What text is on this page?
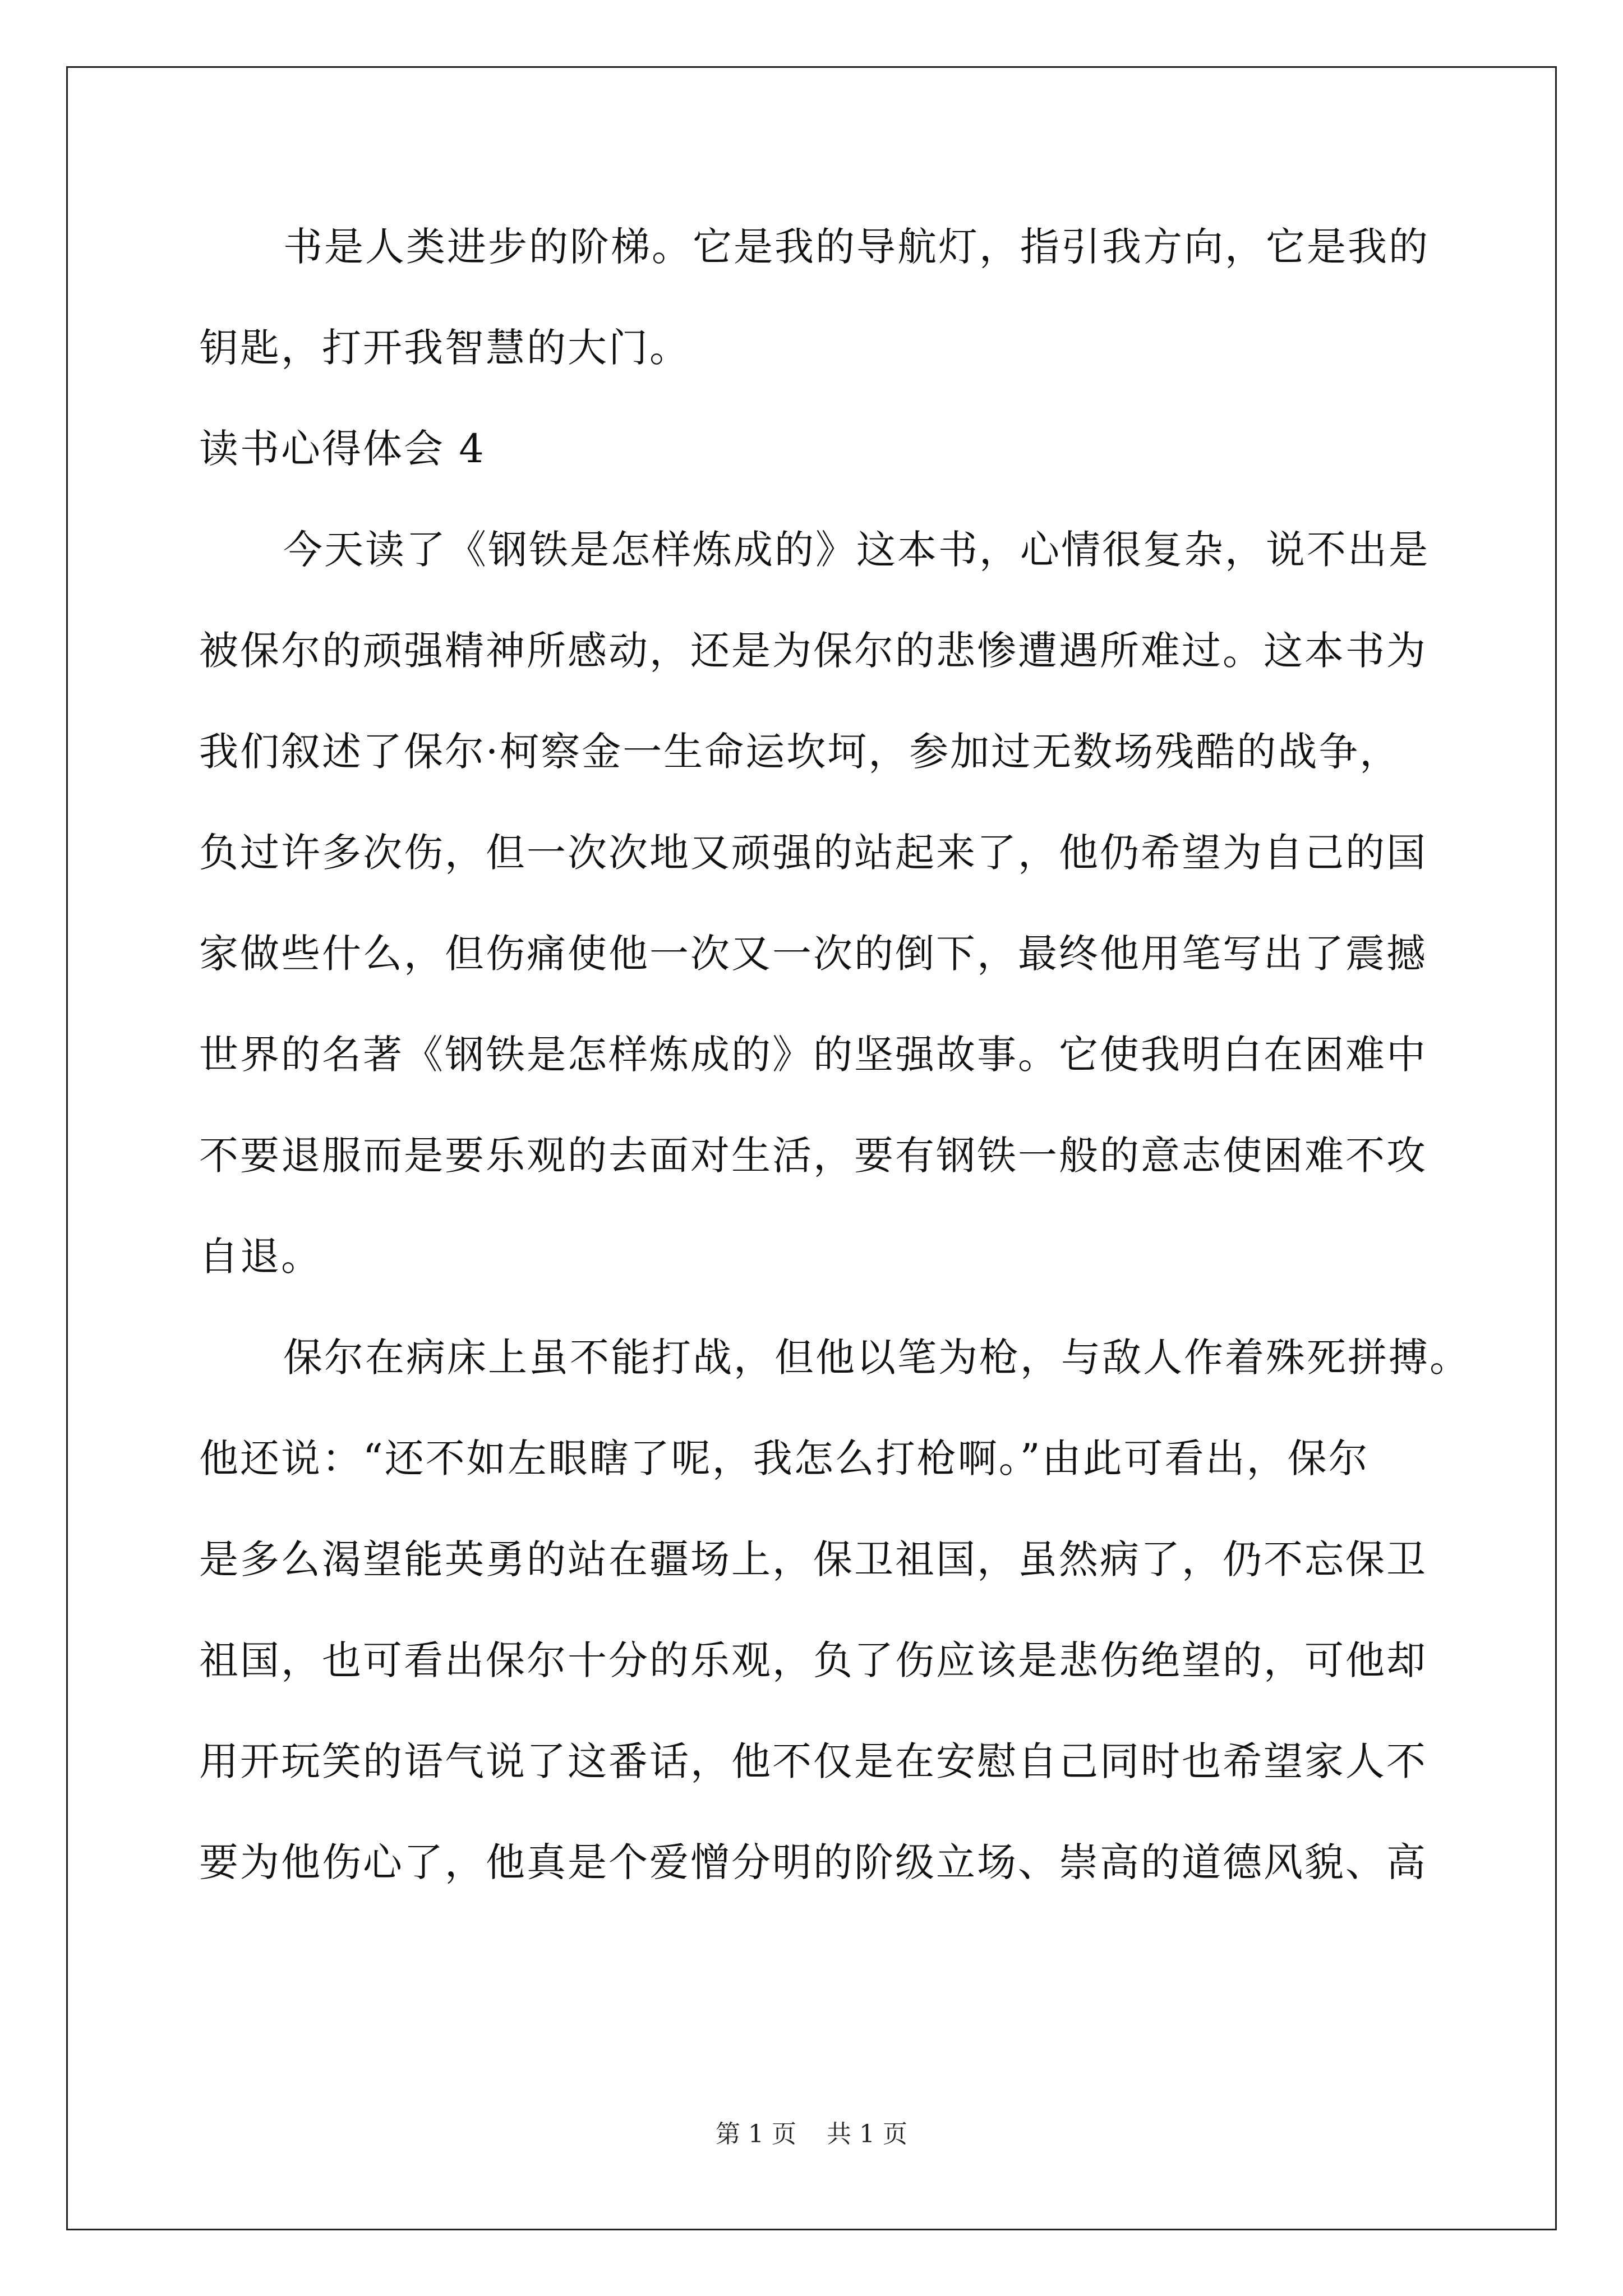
书是人类进步的阶梯。它是我的导航灯，指引我方向，它是我的
钥匙，打开我智慧的大门。
读书心得体会 4
今天读了《钢铁是怎样炼成的》这本书，心情很复杂，说不出是
被保尔的顽强精神所感动，还是为保尔的悲惨遭遇所难过。这本书为
我们叙述了保尔·柯察金一生命运坎坷，参加过无数场残酷的战争，
负过许多次伤，但一次次地又顽强的站起来了，他仍希望为自己的国
家做些什么，但伤痛使他一次又一次的倒下，最终他用笔写出了震撼
世界的名著《钢铁是怎样炼成的》的坚强故事。它使我明白在困难中
不要退服而是要乐观的去面对生活，要有钢铁一般的意志使困难不攻
自退。
保尔在病床上虽不能打战，但他以笔为枪，与敌人作着殊死拼搏。
他还说：“还不如左眼瞎了呢，我怎么打枪啊。”由此可看出，保尔
是多么渴望能英勇的站在疆场上，保卫祖国，虽然病了，仍不忘保卫
祖国，也可看出保尔十分的乐观，负了伤应该是悲伤绝望的，可他却
用开玩笑的语气说了这番话，他不仅是在安慰自己同时也希望家人不
要为他伤心了，他真是个爱憎分明的阶级立场、崇高的道德风貌、高
第 1 页 共 1 页
